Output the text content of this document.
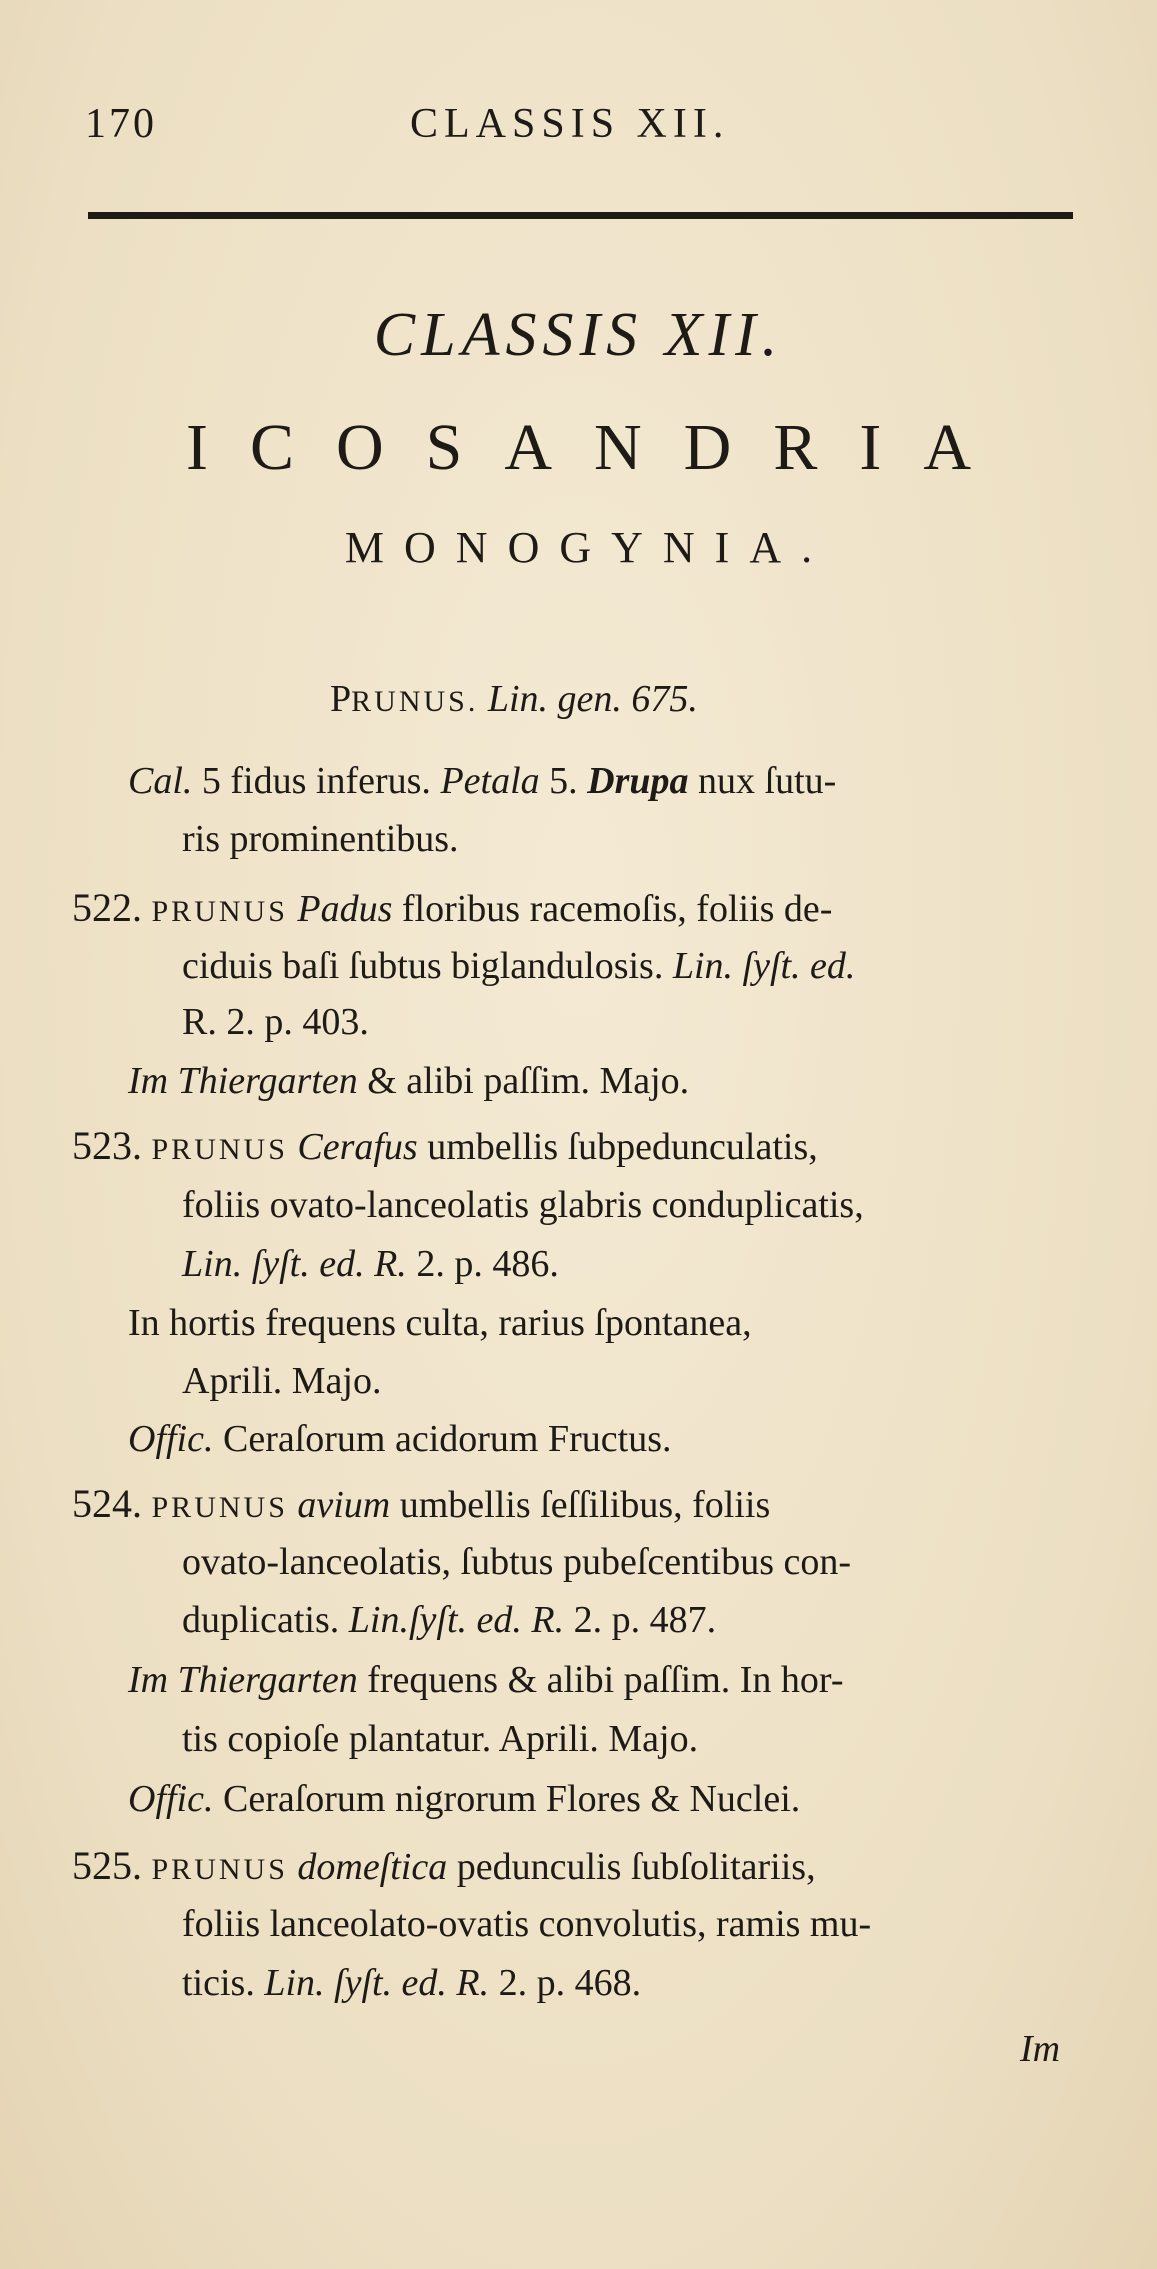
170	CLASSIS XII.
CLASSIS XII.
ICOSANDRIA
MONOGYNIA.
PRUNUS. Lin. gen. 675.
Cal. 5 fidus inferus. Petala 5. Drupa nux ſutu-
ris prominentibus.
522. PRUNUS Padus floribus racemoſis, foliis de-
ciduis baſi ſubtus biglandulosis. Lin. ſyſt. ed.
R. 2. p. 403.
Im Thiergarten & alibi paſſim. Majo.
523. PRUNUS Cerafus umbellis ſubpedunculatis,
foliis ovato-lanceolatis glabris conduplicatis,
Lin. ſyſt. ed. R. 2. p. 486.
In hortis frequens culta, rarius ſpontanea,
Aprili. Majo.
Offic. Ceraſorum acidorum Fructus.
524. PRUNUS avium umbellis ſeſſilibus, foliis
ovato-lanceolatis, ſubtus pubeſcentibus con-
duplicatis. Lin.ſyſt. ed. R. 2. p. 487.
Im Thiergarten frequens & alibi paſſim. In hor-
tis copioſe plantatur. Aprili. Majo.
Offic. Ceraſorum nigrorum Flores & Nuclei.
525. PRUNUS domeſtica pedunculis ſubſolitariis,
foliis lanceolato-ovatis convolutis, ramis mu-
ticis. Lin. ſyſt. ed. R. 2. p. 468.
Im
